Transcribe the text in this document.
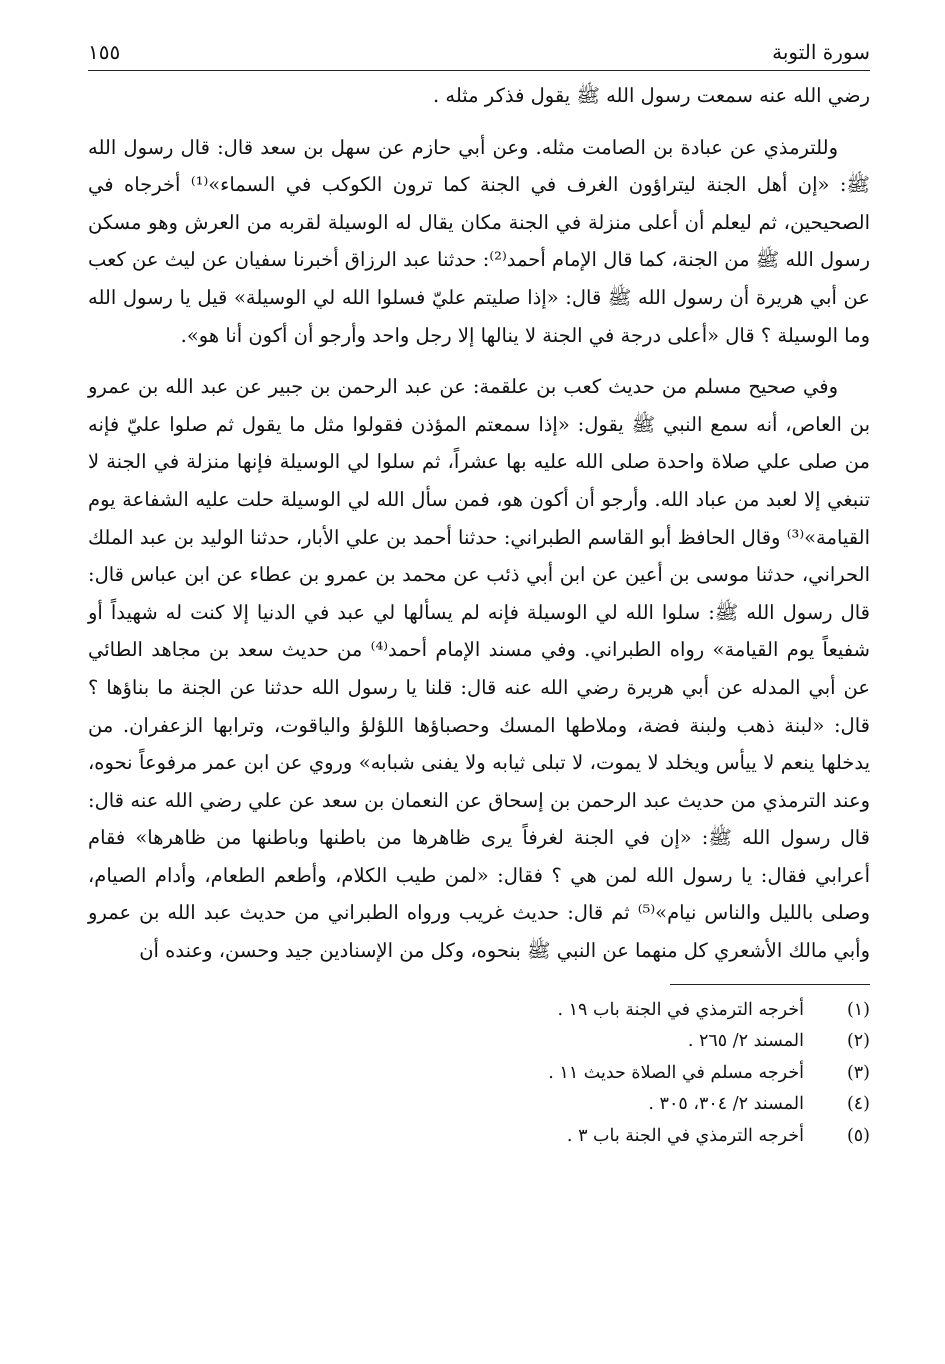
سورة التوبة
١٥٥

رضي الله عنه سمعت رسول الله ﷺ يقول فذكر مثله .

وللترمذي عن عبادة بن الصامت مثله. وعن أبي حازم عن سهل بن سعد قال: قال رسول الله ﷺ: «إن أهل الجنة ليتراؤون الغرف في الجنة كما ترون الكوكب في السماء»⁽¹⁾ أخرجاه في الصحيحين، ثم ليعلم أن أعلى منزلة في الجنة مكان يقال له الوسيلة لقربه من العرش وهو مسكن رسول الله ﷺ من الجنة، كما قال الإمام أحمد⁽²⁾: حدثنا عبد الرزاق أخبرنا سفيان عن ليث عن كعب عن أبي هريرة أن رسول الله ﷺ قال: «إذا صليتم عليّ فسلوا الله لي الوسيلة» قيل يا رسول الله وما الوسيلة ؟ قال «أعلى درجة في الجنة لا ينالها إلا رجل واحد وأرجو أن أكون أنا هو».

وفي صحيح مسلم من حديث كعب بن علقمة: عن عبد الرحمن بن جبير عن عبد الله بن عمرو بن العاص، أنه سمع النبي ﷺ يقول: «إذا سمعتم المؤذن فقولوا مثل ما يقول ثم صلوا عليّ فإنه من صلى علي صلاة واحدة صلى الله عليه بها عشراً، ثم سلوا لي الوسيلة فإنها منزلة في الجنة لا تنبغي إلا لعبد من عباد الله. وأرجو أن أكون هو، فمن سأل الله لي الوسيلة حلت عليه الشفاعة يوم القيامة»⁽³⁾ وقال الحافظ أبو القاسم الطبراني: حدثنا أحمد بن علي الأبار، حدثنا الوليد بن عبد الملك الحراني، حدثنا موسى بن أعين عن ابن أبي ذئب عن محمد بن عمرو بن عطاء عن ابن عباس قال: قال رسول الله ﷺ: سلوا الله لي الوسيلة فإنه لم يسألها لي عبد في الدنيا إلا كنت له شهيداً أو شفيعاً يوم القيامة» رواه الطبراني. وفي مسند الإمام أحمد⁽⁴⁾ من حديث سعد بن مجاهد الطائي عن أبي المدله عن أبي هريرة رضي الله عنه قال: قلنا يا رسول الله حدثنا عن الجنة ما بناؤها ؟ قال: «لبنة ذهب ولبنة فضة، وملاطها المسك وحصباؤها اللؤلؤ والياقوت، وترابها الزعفران. من يدخلها ينعم لا ييأس ويخلد لا يموت، لا تبلى ثيابه ولا يفنى شبابه» وروي عن ابن عمر مرفوعاً نحوه، وعند الترمذي من حديث عبد الرحمن بن إسحاق عن النعمان بن سعد عن علي رضي الله عنه قال: قال رسول الله ﷺ: «إن في الجنة لغرفاً يرى ظاهرها من باطنها وباطنها من ظاهرها» فقام أعرابي فقال: يا رسول الله لمن هي ؟ فقال: «لمن طيب الكلام، وأطعم الطعام، وأدام الصيام، وصلى بالليل والناس نيام»⁽⁵⁾ ثم قال: حديث غريب ورواه الطبراني من حديث عبد الله بن عمرو وأبي مالك الأشعري كل منهما عن النبي ﷺ بنحوه، وكل من الإسنادين جيد وحسن، وعنده أن

(١)
أخرجه الترمذي في الجنة باب ١٩ .
(٢)
المسند ٢/ ٢٦٥ .
(٣)
أخرجه مسلم في الصلاة حديث ١١ .
(٤)
المسند ٢/ ٣٠٤، ٣٠٥ .
(٥)
أخرجه الترمذي في الجنة باب ٣ .
